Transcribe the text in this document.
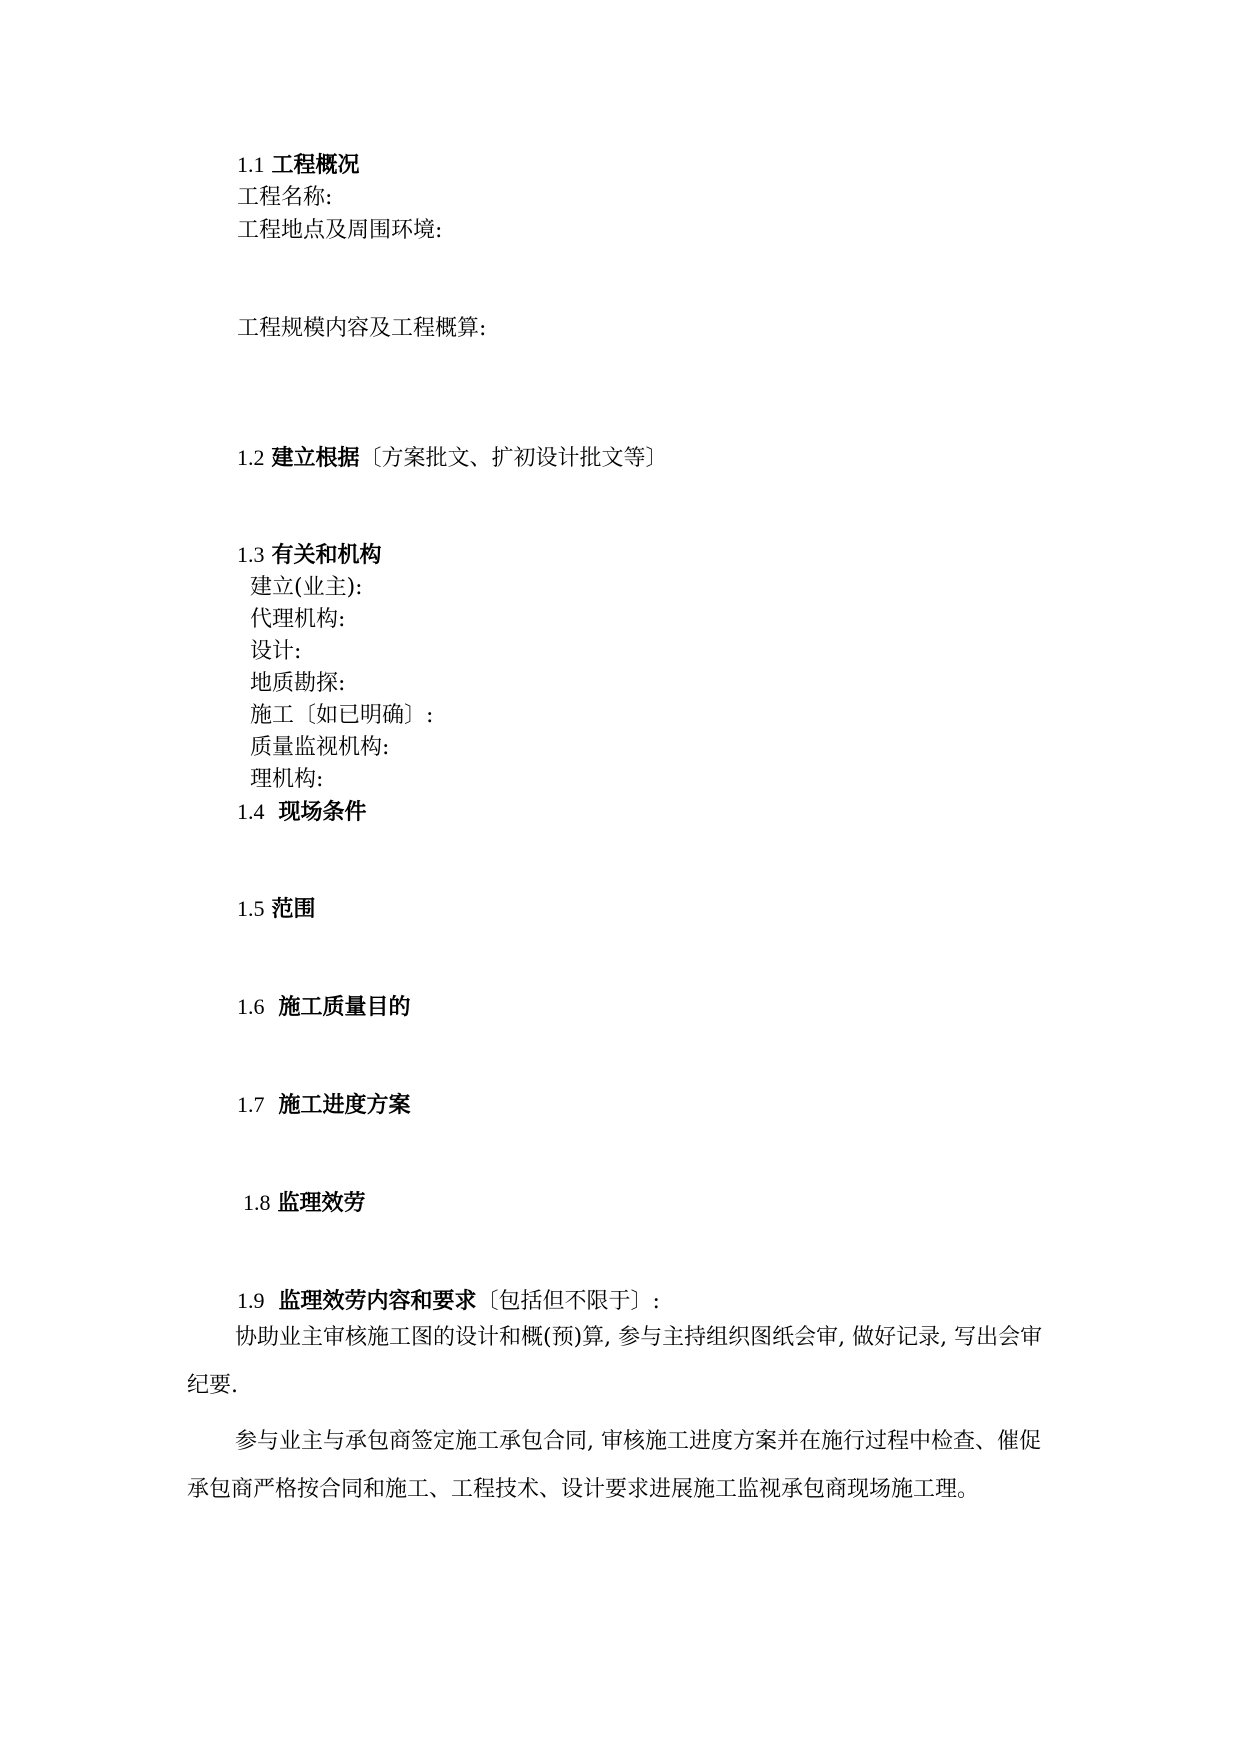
1.1 工程概况
工程名称:
工程地点及周围环境:
工程规模内容及工程概算:
1.2 建立根据〔方案批文、扩初设计批文等〕
1.3 有关和机构
建立(业主):
代理机构:
设计:
地质勘探:
施工〔如已明确〕:
质量监视机构:
理机构:
1.4 现场条件
1.5 范围
1.6 施工质量目的
1.7 施工进度方案
1.8 监理效劳
1.9 监理效劳内容和要求〔包括但不限于〕:
协助业主审核施工图的设计和概(预)算, 参与主持组织图纸会审, 做好记录, 写出会审纪要.
参与业主与承包商签定施工承包合同, 审核施工进度方案并在施行过程中检查、催促承包商严格按合同和施工、工程技术、设计要求进展施工监视承包商现场施工理。
